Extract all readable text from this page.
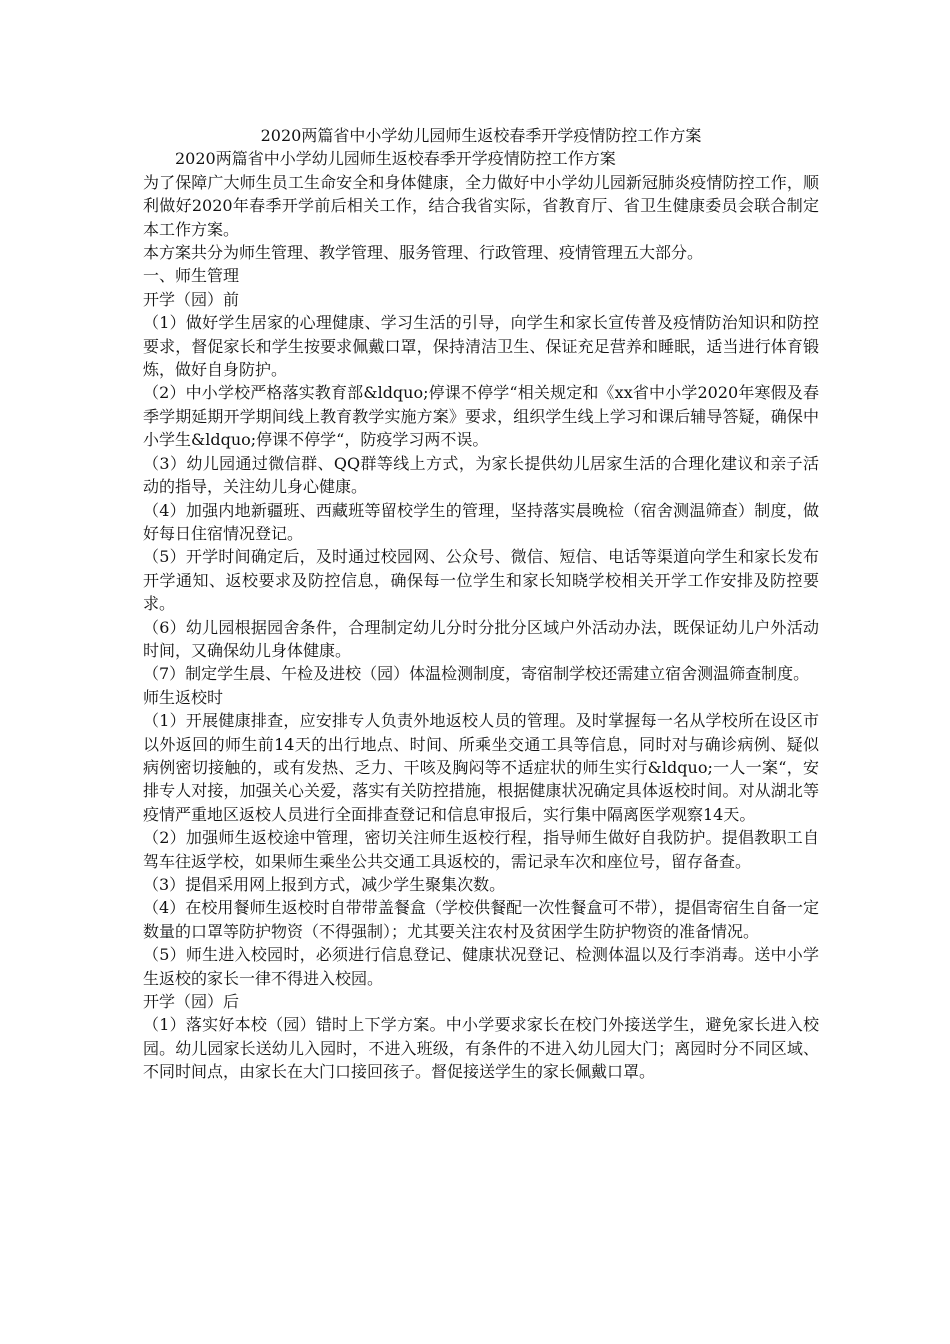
2020两篇省中小学幼儿园师生返校春季开学疫情防控工作方案

2020两篇省中小学幼儿园师生返校春季开学疫情防控工作方案

为了保障广大师生员工生命安全和身体健康，全力做好中小学幼儿园新冠肺炎疫情防控工作，顺利做好2020年春季开学前后相关工作，结合我省实际，省教育厅、省卫生健康委员会联合制定本工作方案。

本方案共分为师生管理、教学管理、服务管理、行政管理、疫情管理五大部分。

一、师生管理

开学（园）前

（1）做好学生居家的心理健康、学习生活的引导，向学生和家长宣传普及疫情防治知识和防控要求，督促家长和学生按要求佩戴口罩，保持清洁卫生、保证充足营养和睡眠，适当进行体育锻炼，做好自身防护。

（2）中小学校严格落实教育部&ldquo;停课不停学“相关规定和《xx省中小学2020年寒假及春季学期延期开学期间线上教育教学实施方案》要求，组织学生线上学习和课后辅导答疑，确保中小学生&ldquo;停课不停学“，防疫学习两不误。

（3）幼儿园通过微信群、QQ群等线上方式，为家长提供幼儿居家生活的合理化建议和亲子活动的指导，关注幼儿身心健康。

（4）加强内地新疆班、西藏班等留校学生的管理，坚持落实晨晚检（宿舍测温筛查）制度，做好每日住宿情况登记。

（5）开学时间确定后，及时通过校园网、公众号、微信、短信、电话等渠道向学生和家长发布开学通知、返校要求及防控信息，确保每一位学生和家长知晓学校相关开学工作安排及防控要求。

（6）幼儿园根据园舍条件，合理制定幼儿分时分批分区域户外活动办法，既保证幼儿户外活动时间，又确保幼儿身体健康。

（7）制定学生晨、午检及进校（园）体温检测制度，寄宿制学校还需建立宿舍测温筛查制度。

师生返校时

（1）开展健康排查，应安排专人负责外地返校人员的管理。及时掌握每一名从学校所在设区市以外返回的师生前14天的出行地点、时间、所乘坐交通工具等信息，同时对与确诊病例、疑似病例密切接触的，或有发热、乏力、干咳及胸闷等不适症状的师生实行&ldquo;一人一案“，安排专人对接，加强关心关爱，落实有关防控措施，根据健康状况确定具体返校时间。对从湖北等疫情严重地区返校人员进行全面排查登记和信息审报后，实行集中隔离医学观察14天。

（2）加强师生返校途中管理，密切关注师生返校行程，指导师生做好自我防护。提倡教职工自驾车往返学校，如果师生乘坐公共交通工具返校的，需记录车次和座位号，留存备查。

（3）提倡采用网上报到方式，减少学生聚集次数。

（4）在校用餐师生返校时自带带盖餐盒（学校供餐配一次性餐盒可不带），提倡寄宿生自备一定数量的口罩等防护物资（不得强制）；尤其要关注农村及贫困学生防护物资的准备情况。

（5）师生进入校园时，必须进行信息登记、健康状况登记、检测体温以及行李消毒。送中小学生返校的家长一律不得进入校园。

开学（园）后

（1）落实好本校（园）错时上下学方案。中小学要求家长在校门外接送学生，避免家长进入校园。幼儿园家长送幼儿入园时，不进入班级，有条件的不进入幼儿园大门；离园时分不同区域、不同时间点，由家长在大门口接回孩子。督促接送学生的家长佩戴口罩。
